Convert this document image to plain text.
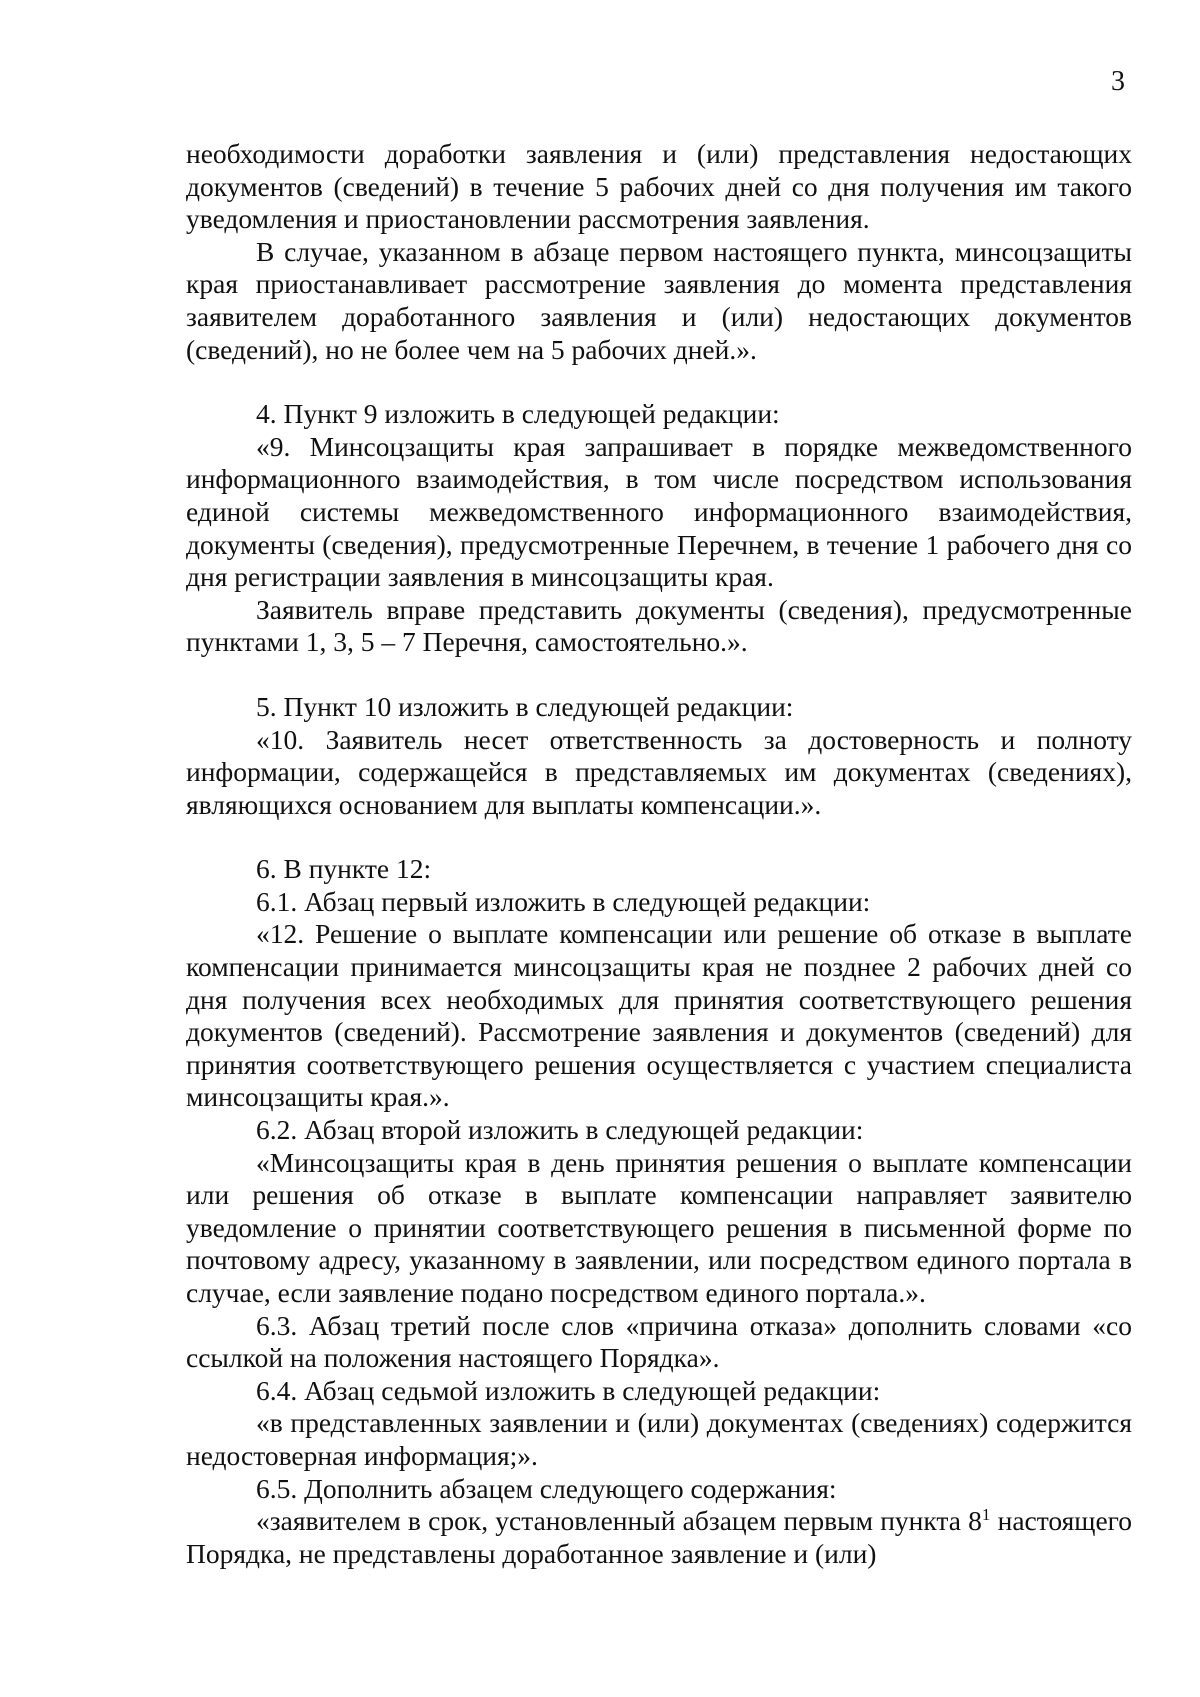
3

необходимости доработки заявления и (или) представления недостающих документов (сведений) в течение 5 рабочих дней со дня получения им такого уведомления и приостановлении рассмотрения заявления.

В случае, указанном в абзаце первом настоящего пункта, минсоцзащиты края приостанавливает рассмотрение заявления до момента представления заявителем доработанного заявления и (или) недостающих документов (сведений), но не более чем на 5 рабочих дней.».

4. Пункт 9 изложить в следующей редакции:

«9. Минсоцзащиты края запрашивает в порядке межведомственного информационного взаимодействия, в том числе посредством использования единой системы межведомственного информационного взаимодействия, документы (сведения), предусмотренные Перечнем, в течение 1 рабочего дня со дня регистрации заявления в минсоцзащиты края.

Заявитель вправе представить документы (сведения), предусмотренные пунктами 1, 3, 5 – 7 Перечня, самостоятельно.».

5. Пункт 10 изложить в следующей редакции:

«10. Заявитель несет ответственность за достоверность и полноту информации, содержащейся в представляемых им документах (сведениях), являющихся основанием для выплаты компенсации.».

6. В пункте 12:

6.1. Абзац первый изложить в следующей редакции:

«12. Решение о выплате компенсации или решение об отказе в выплате компенсации принимается минсоцзащиты края не позднее 2 рабочих дней со дня получения всех необходимых для принятия соответствующего решения документов (сведений). Рассмотрение заявления и документов (сведений) для принятия соответствующего решения осуществляется с участием специалиста минсоцзащиты края.».

6.2. Абзац второй изложить в следующей редакции:

«Минсоцзащиты края в день принятия решения о выплате компенсации или решения об отказе в выплате компенсации направляет заявителю уведомление о принятии соответствующего решения в письменной форме по почтовому адресу, указанному в заявлении, или посредством единого портала в случае, если заявление подано посредством единого портала.».

6.3. Абзац третий после слов «причина отказа» дополнить словами «со ссылкой на положения настоящего Порядка».

6.4. Абзац седьмой изложить в следующей редакции:

«в представленных заявлении и (или) документах (сведениях) содержится недостоверная информация;».

6.5. Дополнить абзацем следующего содержания:

«заявителем в срок, установленный абзацем первым пункта $8^1$ настоящего Порядка, не представлены доработанное заявление и (или)
